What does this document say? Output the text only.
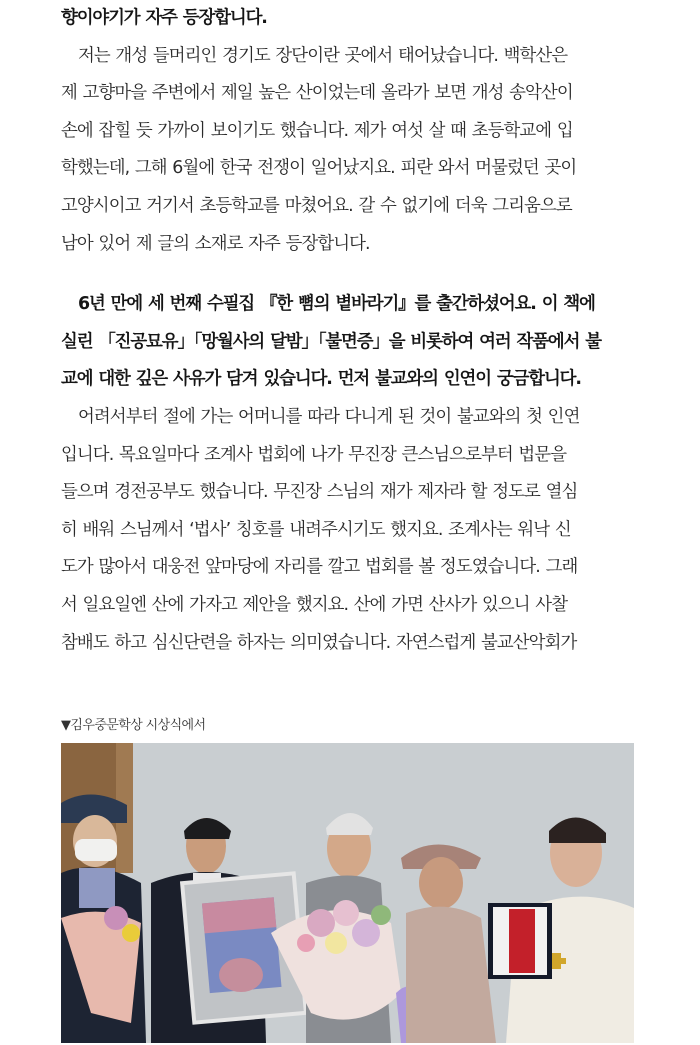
향이야기가 자주 등장합니다.
저는 개성 들머리인 경기도 장단이란 곳에서 태어났습니다. 백학산은
제 고향마을 주변에서 제일 높은 산이었는데 올라가 보면 개성 송악산이
손에 잡힐 듯 가까이 보이기도 했습니다. 제가 여섯 살 때 초등학교에 입
학했는데, 그해 6월에 한국 전쟁이 일어났지요. 피란 와서 머물렀던 곳이
고양시이고 거기서 초등학교를 마쳤어요. 갈 수 없기에 더욱 그리움으로
남아 있어 제 글의 소재로 자주 등장합니다.
6년 만에 세 번째 수필집 『한 뼘의 볕바라기』를 출간하셨어요. 이 책에
실린 「진공묘유」「망월사의 달밤」「불면증」을 비롯하여 여러 작품에서 불
교에 대한 깊은 사유가 담겨 있습니다. 먼저 불교와의 인연이 궁금합니다.
어려서부터 절에 가는 어머니를 따라 다니게 된 것이 불교와의 첫 인연
입니다. 목요일마다 조계사 법회에 나가 무진장 큰스님으로부터 법문을
들으며 경전공부도 했습니다. 무진장 스님의 재가 제자라 할 정도로 열심
히 배워 스님께서 ‘법사’ 칭호를 내려주시기도 했지요. 조계사는 워낙 신
도가 많아서 대웅전 앞마당에 자리를 깔고 법회를 볼 정도였습니다. 그래
서 일요일엔 산에 가자고 제안을 했지요. 산에 가면 산사가 있으니 사찰
참배도 하고 심신단련을 하자는 의미였습니다. 자연스럽게 불교산악회가
▼김우중문학상 시상식에서
